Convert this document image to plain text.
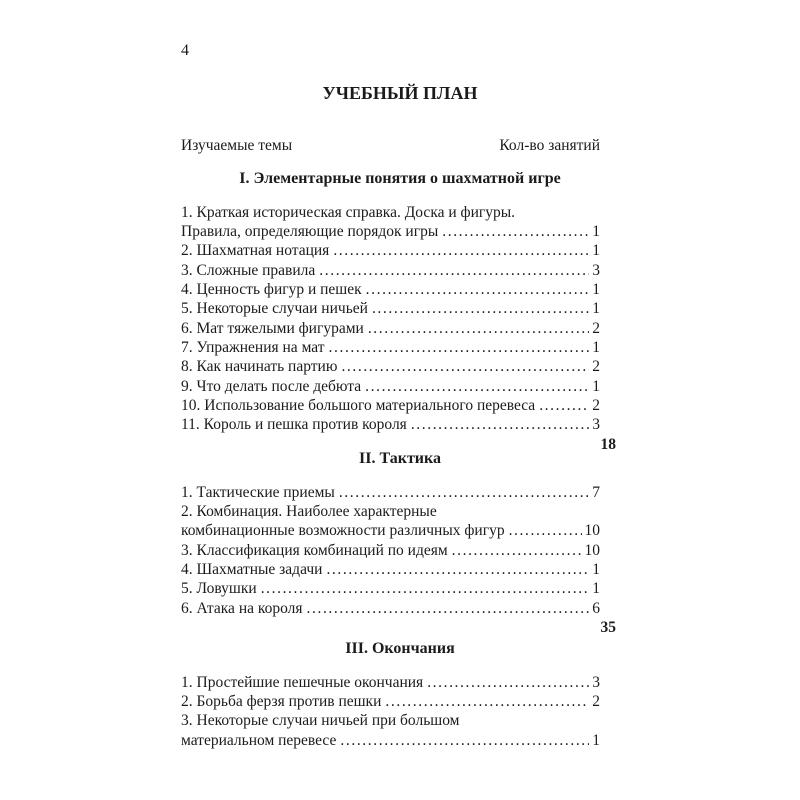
4
УЧЕБНЫЙ ПЛАН
Изучаемые темы	Кол-во занятий
I. Элементарные понятия о шахматной игре
1. Краткая историческая справка. Доска и фигуры.
Правила, определяющие порядок игры .....	1
2. Шахматная нотация .....	1
3. Сложные правила .....	3
4. Ценность фигур и пешек .....	1
5. Некоторые случаи ничьей .....	1
6. Мат тяжелыми фигурами .....	2
7. Упражнения на мат .....	1
8. Как начинать партию .....	2
9. Что делать после дебюта .....	1
10. Использование большого материального перевеса .....	2
11. Король и пешка против короля .....	3
18
II. Тактика
1. Тактические приемы .....	7
2. Комбинация. Наиболее характерные
комбинационные возможности различных фигур .....	10
3. Классификация комбинаций по идеям .....	10
4. Шахматные задачи .....	1
5. Ловушки .....	1
6. Атака на короля .....	6
35
III. Окончания
1. Простейшие пешечные окончания .....	3
2. Борьба ферзя против пешки .....	2
3. Некоторые случаи ничьей при большом
материальном перевесе .....	1
